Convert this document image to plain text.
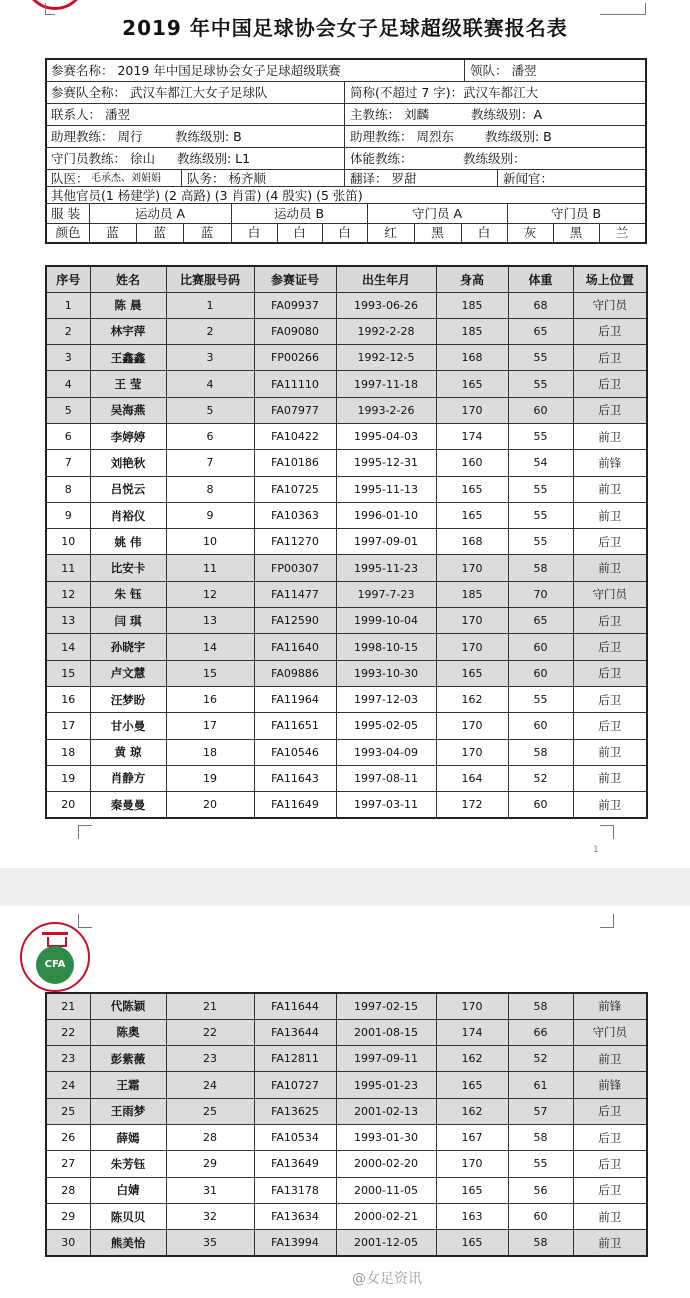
2019 年中国足球协会女子足球超级联赛报名表
参赛名称： 2019 年中国足球协会女子足球超级联赛	领队： 潘翌
参赛队全称： 武汉车都江大女子足球队	简称(不超过 7 字)：武汉车都江大
联系人： 潘翌	主教练： 刘麟	教练级别：A
助理教练： 周行	教练级别: B	助理教练： 周烈东	教练级别: B
守门员教练： 徐山	教练级别: L1	体能教练：	教练级别：
队医： 毛承杰、刘娟娟	队务： 杨齐顺	翻译： 罗甜	新闻官：
其他官员(1 杨建学) (2 高路) (3 肖雷) (4 殷实) (5 张笛)
服 装	运动员 A	运动员 B	守门员 A	守门员 B
颜色	蓝	蓝	蓝	白	白	白	红	黑	白	灰	黑	兰
序号	姓名	比赛服号码	参赛证号	出生年月	身高	体重	场上位置
1	陈 晨	1	FA09937	1993-06-26	185	68	守门员
2	林宇萍	2	FA09080	1992-2-28	185	65	后卫
3	王鑫鑫	3	FP00266	1992-12-5	168	55	后卫
4	王 莹	4	FA11110	1997-11-18	165	55	后卫
5	吴海燕	5	FA07977	1993-2-26	170	60	后卫
6	李婷婷	6	FA10422	1995-04-03	174	55	前卫
7	刘艳秋	7	FA10186	1995-12-31	160	54	前锋
8	吕悦云	8	FA10725	1995-11-13	165	55	前卫
9	肖裕仪	9	FA10363	1996-01-10	165	55	前卫
10	姚 伟	10	FA11270	1997-09-01	168	55	后卫
11	比安卡	11	FP00307	1995-11-23	170	58	前卫
12	朱 钰	12	FA11477	1997-7-23	185	70	守门员
13	闫 琪	13	FA12590	1999-10-04	170	65	后卫
14	孙晓宇	14	FA11640	1998-10-15	170	60	后卫
15	卢文慧	15	FA09886	1993-10-30	165	60	后卫
16	汪梦盼	16	FA11964	1997-12-03	162	55	后卫
17	甘小曼	17	FA11651	1995-02-05	170	60	后卫
18	黄 琼	18	FA10546	1993-04-09	170	58	前卫
19	肖静方	19	FA11643	1997-08-11	164	52	前卫
20	秦曼曼	20	FA11649	1997-03-11	172	60	前卫
1
CFA
21	代陈颖	21	FA11644	1997-02-15	170	58	前锋
22	陈奥	22	FA13644	2001-08-15	174	66	守门员
23	彭紫薇	23	FA12811	1997-09-11	162	52	前卫
24	王霜	24	FA10727	1995-01-23	165	61	前锋
25	王雨梦	25	FA13625	2001-02-13	162	57	后卫
26	薛嫣	28	FA10534	1993-01-30	167	58	后卫
27	朱芳钰	29	FA13649	2000-02-20	170	55	后卫
28	白婧	31	FA13178	2000-11-05	165	56	后卫
29	陈贝贝	32	FA13634	2000-02-21	163	60	前卫
30	熊美怡	35	FA13994	2001-12-05	165	58	前卫
@女足资讯
